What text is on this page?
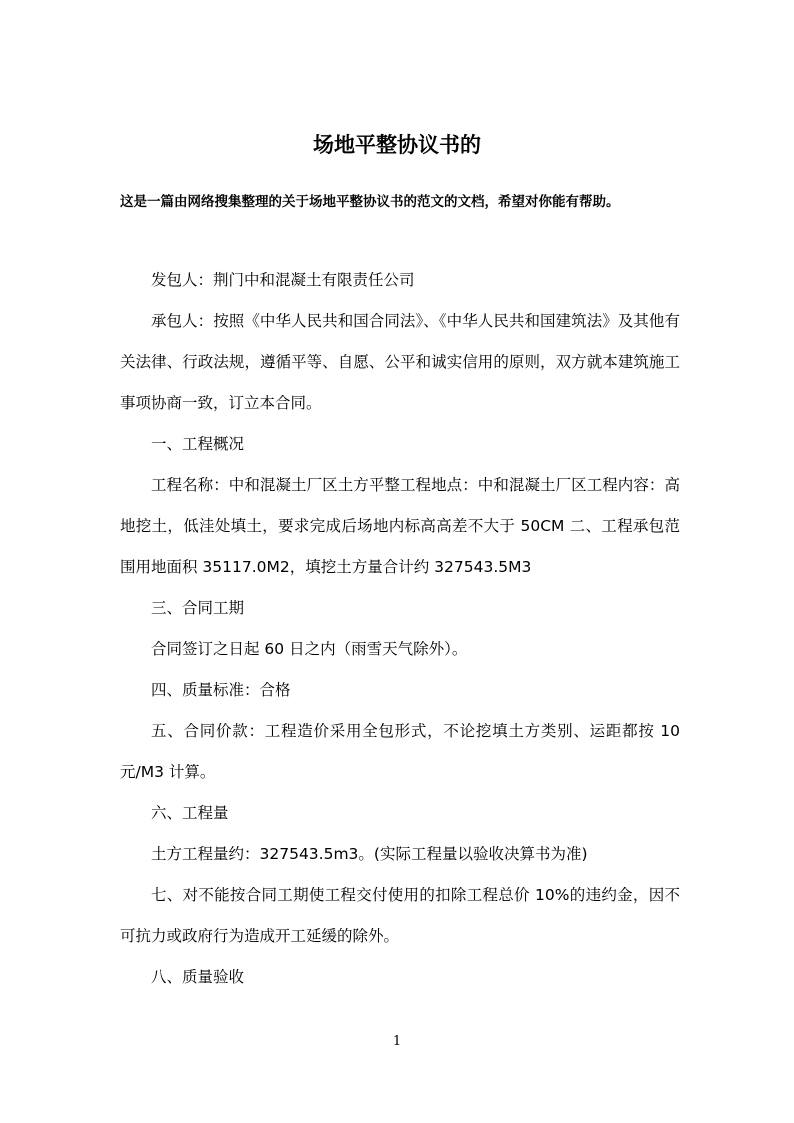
场地平整协议书的

这是一篇由网络搜集整理的关于场地平整协议书的范文的文档，希望对你能有帮助。

发包人：荆门中和混凝土有限责任公司

承包人：按照《中华人民共和国合同法》、《中华人民共和国建筑法》及其他有关法律、行政法规，遵循平等、自愿、公平和诚实信用的原则，双方就本建筑施工事项协商一致，订立本合同。

一、工程概况

工程名称：中和混凝土厂区土方平整工程地点：中和混凝土厂区工程内容：高地挖土，低洼处填土，要求完成后场地内标高高差不大于 50CM 二、工程承包范围用地面积 35117.0M2，填挖土方量合计约 327543.5M3

三、合同工期

合同签订之日起 60 日之内（雨雪天气除外）。

四、质量标准：合格

五、合同价款：工程造价采用全包形式，不论挖填土方类别、运距都按 10元/M3 计算。

六、工程量

土方工程量约：327543.5m3。(实际工程量以验收决算书为准)

七、对不能按合同工期使工程交付使用的扣除工程总价 10%的违约金，因不可抗力或政府行为造成开工延缓的除外。

八、质量验收

1
